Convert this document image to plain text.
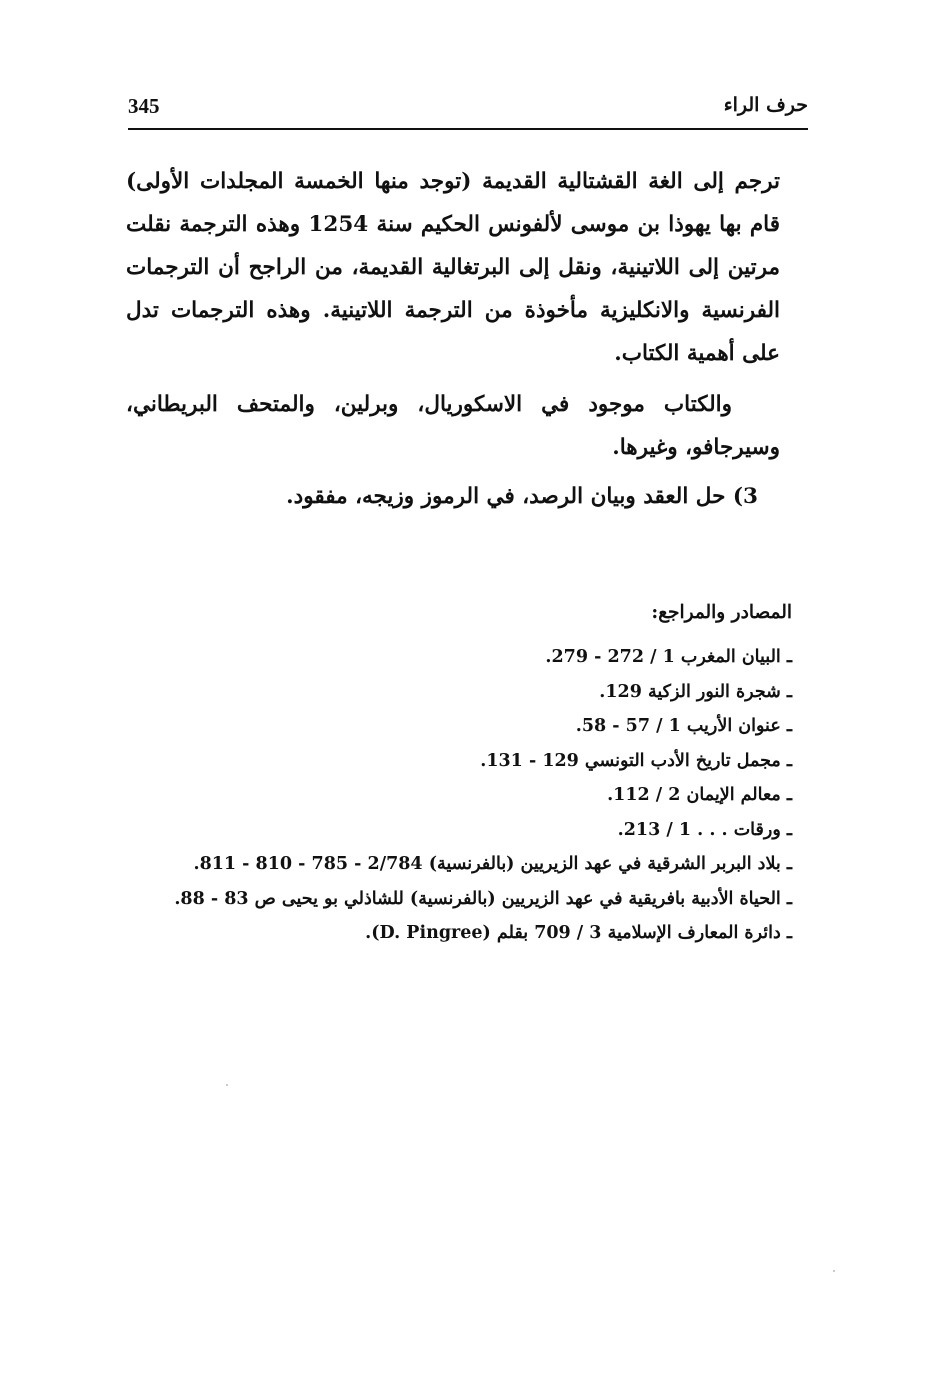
345	حرف الراء

ترجم إلى الغة القشتالية القديمة (توجد منها الخمسة المجلدات الأولى) قام بها يهوذا بن موسى لألفونس الحكيم سنة 1254 وهذه الترجمة نقلت مرتين إلى اللاتينية، ونقل إلى البرتغالية القديمة، من الراجح أن الترجمات الفرنسية والانكليزية مأخوذة من الترجمة اللاتينية. وهذه الترجمات تدل على أهمية الكتاب.

والكتاب موجود في الاسكوريال، وبرلين، والمتحف البريطاني، وسيرجافو، وغيرها.

3) حل العقد وبيان الرصد، في الرموز وزيجه، مفقود.

المصادر والمراجع:

ـ البيان المغرب 1 / 272 - 279.
ـ شجرة النور الزكية 129.
ـ عنوان الأريب 1 / 57 - 58.
ـ مجمل تاريخ الأدب التونسي 129 - 131.
ـ معالم الإيمان 2 / 112.
ـ ورقات . . . 1 / 213.
ـ بلاد البربر الشرقية في عهد الزيريين (بالفرنسية) 2/784 - 785 - 810 - 811.
ـ الحياة الأدبية بافريقية في عهد الزيريين (بالفرنسية) للشاذلي بو يحيى ص 83 - 88.
ـ دائرة المعارف الإسلامية 3 / 709 بقلم (D. Pingree).
